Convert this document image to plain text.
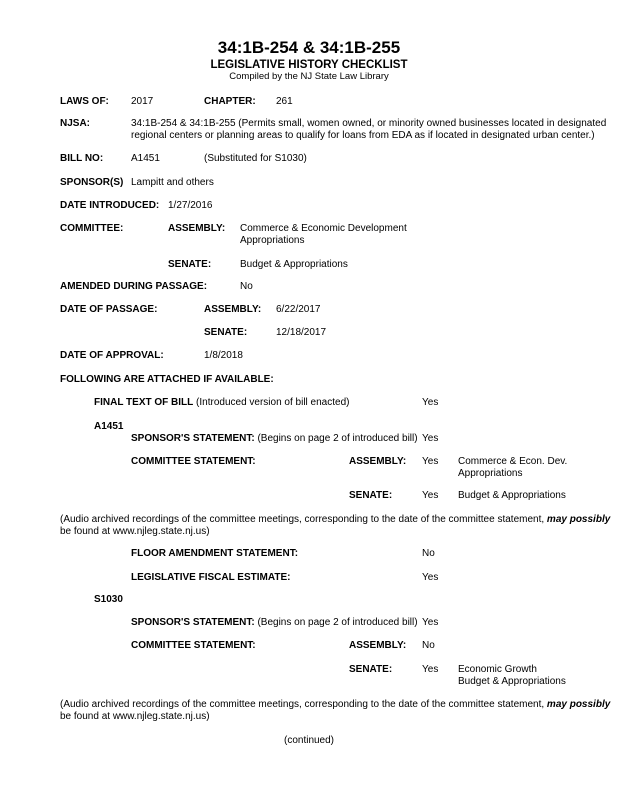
34:1B-254 & 34:1B-255
LEGISLATIVE HISTORY CHECKLIST
Compiled by the NJ State Law Library
LAWS OF: 2017	CHAPTER: 261
NJSA:	34:1B-254 & 34:1B-255 (Permits small, women owned, or minority owned businesses located in designated
regional centers or planning areas to qualify for loans from EDA as if located in designated urban center.)
BILL NO:	A1451	(Substituted for S1030)
SPONSOR(S) Lampitt and others
DATE INTRODUCED: 1/27/2016
COMMITTEE:	ASSEMBLY: Commerce & Economic Development
Appropriations
SENATE:	Budget & Appropriations
AMENDED DURING PASSAGE:	No
DATE OF PASSAGE:	ASSEMBLY: 6/22/2017
SENATE:	12/18/2017
DATE OF APPROVAL:	1/8/2018
FOLLOWING ARE ATTACHED IF AVAILABLE:
FINAL TEXT OF BILL (Introduced version of bill enacted)	Yes
A1451
SPONSOR'S STATEMENT: (Begins on page 2 of introduced bill) Yes
COMMITTEE STATEMENT:	ASSEMBLY: Yes Commerce & Econ. Dev.
Appropriations
SENATE:	Yes Budget & Appropriations
(Audio archived recordings of the committee meetings, corresponding to the date of the committee statement, may possibly
be found at www.njleg.state.nj.us)
FLOOR AMENDMENT STATEMENT:	No
LEGISLATIVE FISCAL ESTIMATE:	Yes
S1030
SPONSOR'S STATEMENT: (Begins on page 2 of introduced bill) Yes
COMMITTEE STATEMENT:	ASSEMBLY: No
SENATE:	Yes Economic Growth
Budget & Appropriations
(Audio archived recordings of the committee meetings, corresponding to the date of the committee statement, may possibly
be found at www.njleg.state.nj.us)
(continued)
